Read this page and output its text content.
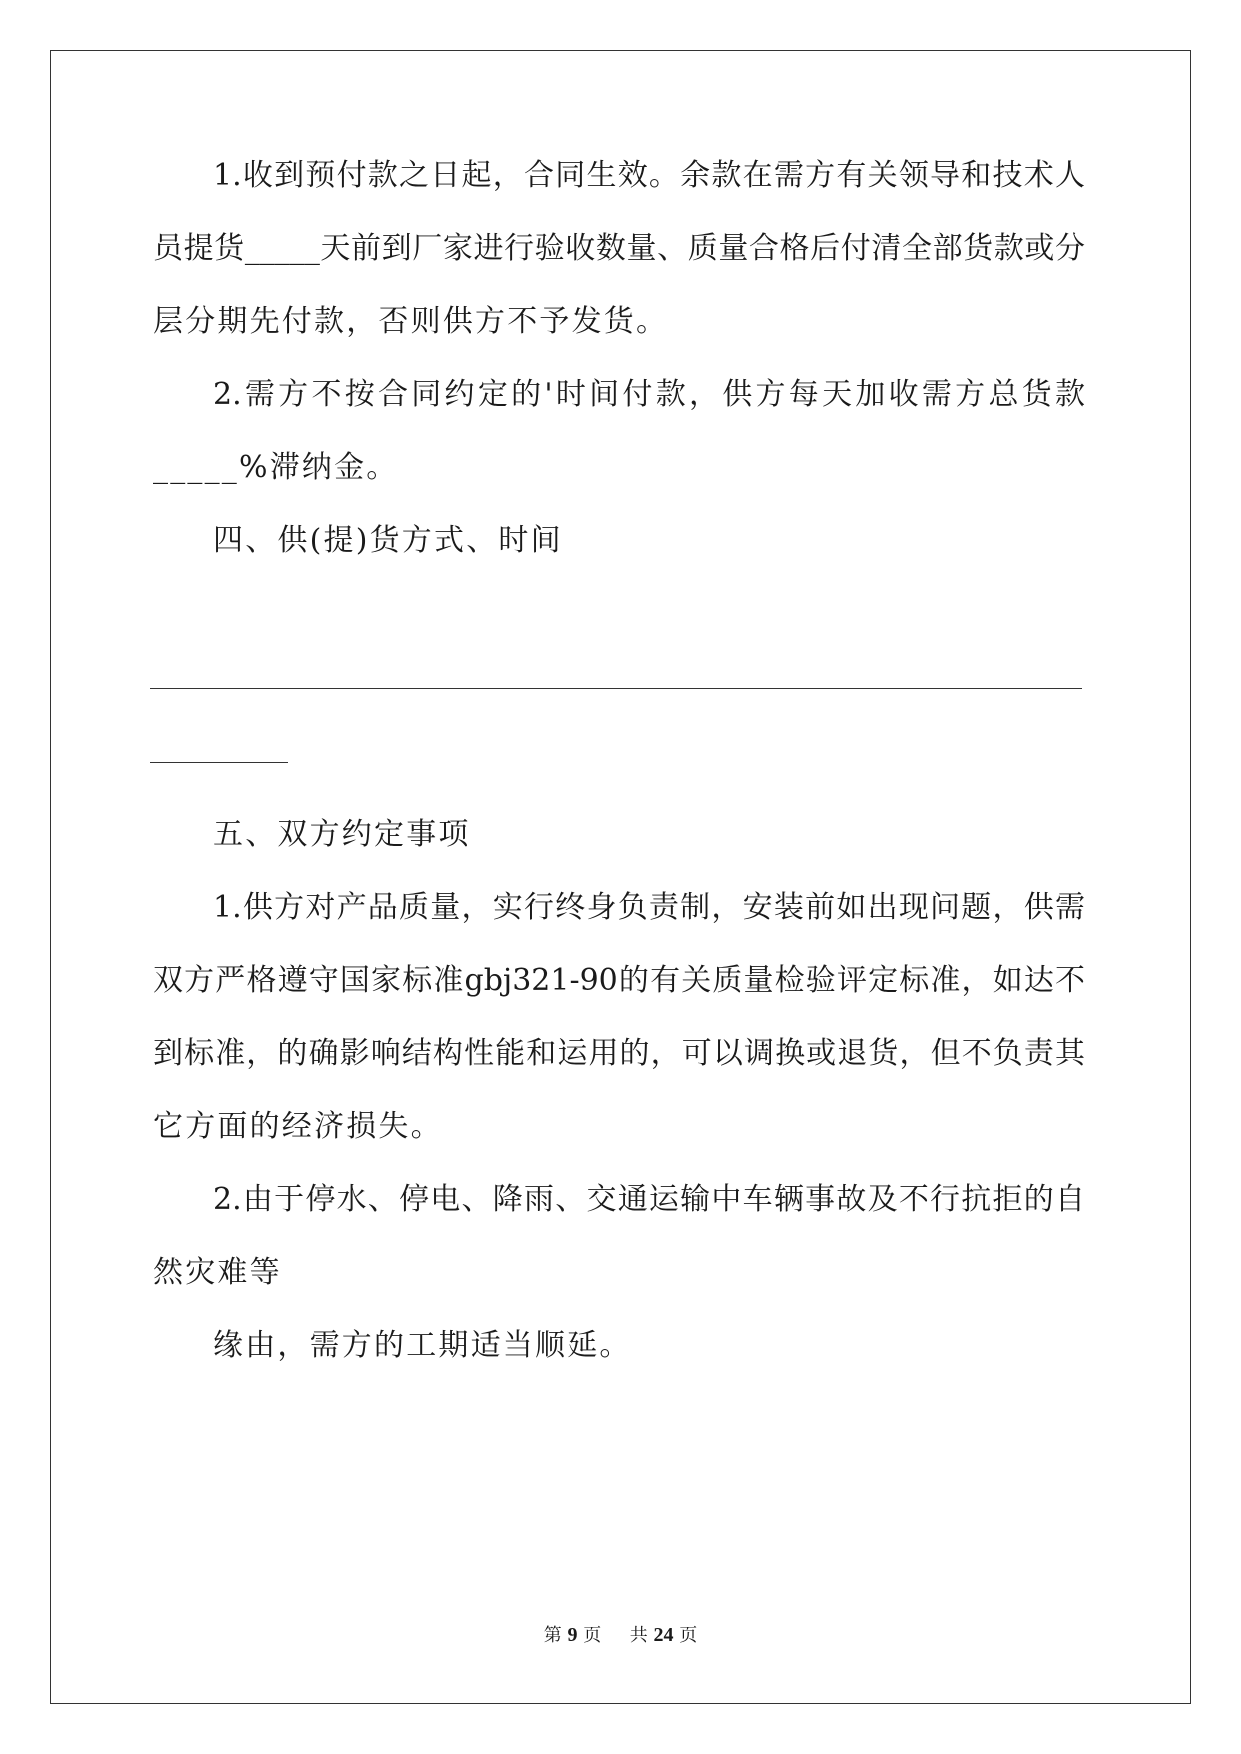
1.收到预付款之日起，合同生效。余款在需方有关领导和技术人
员提货_____天前到厂家进行验收数量、质量合格后付清全部货款或分
层分期先付款，否则供方不予发货。
2.需方不按合同约定的'时间付款，供方每天加收需方总货款
_____%滞纳金。
四、供(提)货方式、时间
五、双方约定事项
1.供方对产品质量，实行终身负责制，安装前如出现问题，供需
双方严格遵守国家标准gbj321-90的有关质量检验评定标准，如达不
到标准，的确影响结构性能和运用的，可以调换或退货，但不负责其
它方面的经济损失。
2.由于停水、停电、降雨、交通运输中车辆事故及不行抗拒的自
然灾难等
缘由，需方的工期适当顺延。
第 9 页 共 24 页
